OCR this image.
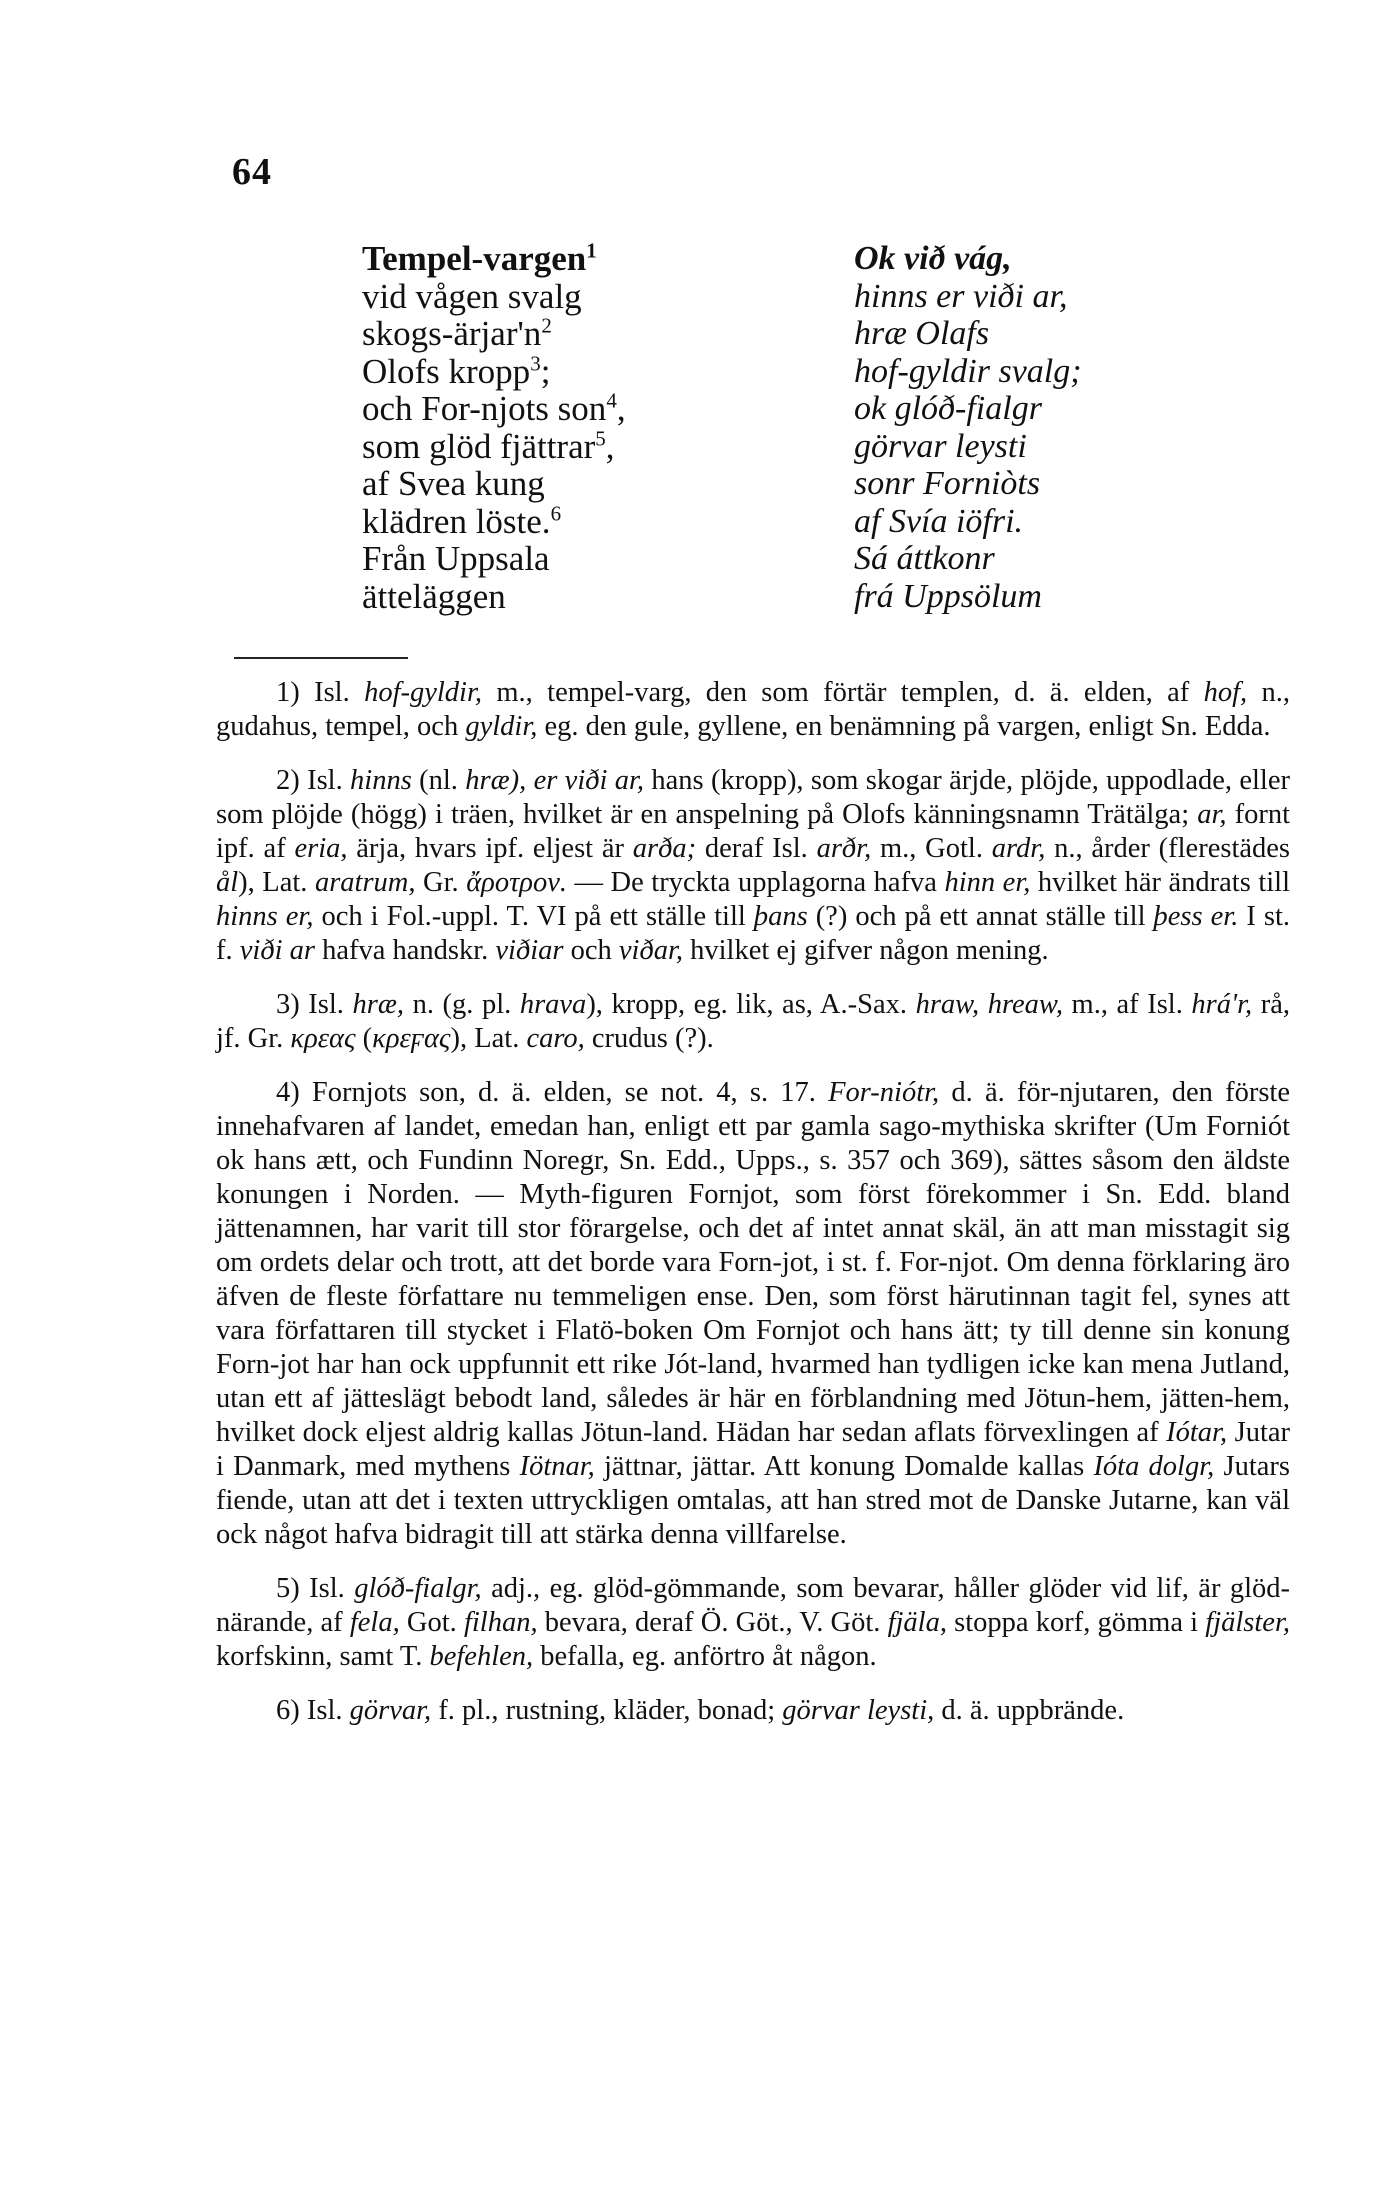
64
Tempel-vargen$^1$
vid vågen svalg
skogs-$ärjar'n^2$
Olofs kropp$^3$;
och For-njots son$^4$,
som glöd fjättrar$^5$,
af Svea kung
klädren löste.$^6$
Från Uppsala
ätteläggen
Ok við vág,
hinns er viði ar,
hræ Olafs
hof-gyldir svalg;
ok glóð-fialgr
görvar leysti
sonr Forniòts
af Svía iöfri.
Sá áttkonr
frá Uppsölum

1) Isl. hof-gyldir, m., tempel-varg, den som förtär templen, d. ä. elden, af hof, n., gudahus, tempel, och gyldir, eg. den gule, gyllene, en benämning på vargen, enligt Sn. Edda.

2) Isl. hinns (nl. hræ), er viði ar, hans (kropp), som skogar ärjde, plöjde, uppodlade, eller som plöjde (högg) i träen, hvilket är en anspelning på Olofs känningsnamn Trätälga; ar, fornt ipf. af eria, ärja, hvars ipf. eljest är arða; deraf Isl. arðr, m., Gotl. ardr, n., årder (flerestädes ål), Lat. aratrum, Gr. ἄροτρον. — De tryckta upplagorna hafva hinn er, hvilket här ändrats till hinns er, och i Fol.-uppl. T. VI på ett ställe till þans (?) och på ett annat ställe till þess er. I st. f. viði ar hafva handskr. viðiar och viðar, hvilket ej gifver någon mening.

3) Isl. hræ, n. (g. pl. hrava), kropp, eg. lik, as, A.-Sax. hraw, hreaw, m., af Isl. hrá'r, rå, jf. Gr. κρεας (κρεϝας), Lat. caro, crudus (?).

4) Fornjots son, d. ä. elden, se not. 4, s. 17. For-niótr, d. ä. för-njutaren, den förste innehafvaren af landet, emedan han, enligt ett par gamla sago-mythiska skrifter (Um Forniót ok hans ætt, och Fundinn Noregr, Sn. Edd., Upps., s. 357 och 369), sättes såsom den äldste konungen i Norden. — Myth-figuren Fornjot, som först förekommer i Sn. Edd. bland jättenamnen, har varit till stor förargelse, och det af intet annat skäl, än att man misstagit sig om ordets delar och trott, att det borde vara Forn-jot, i st. f. For-njot. Om denna förklaring äro äfven de fleste författare nu temmeligen ense. Den, som först härutinnan tagit fel, synes att vara författaren till stycket i Flatö-boken Om Fornjot och hans ätt; ty till denne sin konung Forn-jot har han ock uppfunnit ett rike Jót-land, hvarmed han tydligen icke kan mena Jutland, utan ett af jätteslägt bebodt land, således är här en förblandning med Jötun-hem, jätten-hem, hvilket dock eljest aldrig kallas Jötun-land. Hädan har sedan aflats förvexlingen af Iótar, Jutar i Danmark, med mythens Iötnar, jättnar, jättar. Att konung Domalde kallas Ióta dolgr, Jutars fiende, utan att det i texten uttryckligen omtalas, att han stred mot de Danske Jutarne, kan väl ock något hafva bidragit till att stärka denna villfarelse.

5) Isl. glóð-fialgr, adj., eg. glöd-gömmande, som bevarar, håller glöder vid lif, är glöd-närande, af fela, Got. filhan, bevara, deraf Ö. Göt., V. Göt. fjäla, stoppa korf, gömma i fjälster, korfskinn, samt T. befehlen, befalla, eg. anförtro åt någon.

6) Isl. görvar, f. pl., rustning, kläder, bonad; görvar leysti, d. ä. uppbrände.
